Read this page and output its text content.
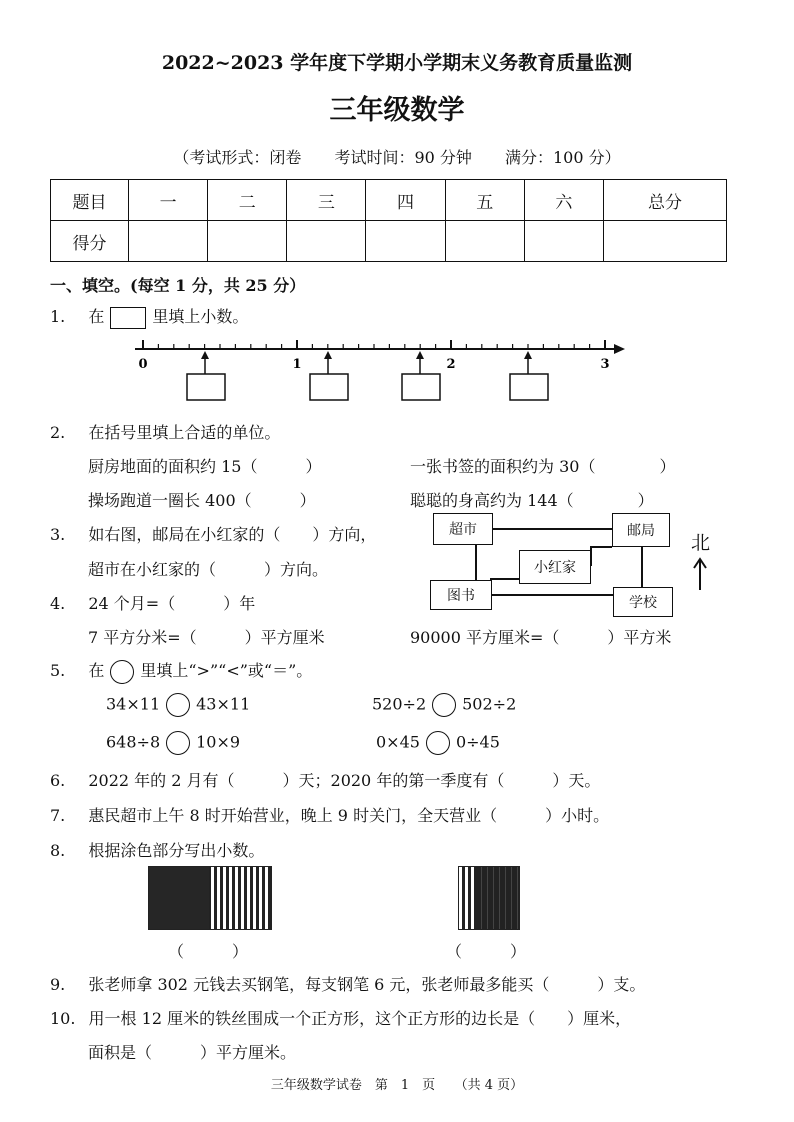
2022~2023 学年度下学期小学期末义务教育质量监测
三年级数学
（考试形式：闭卷 考试时间：90 分钟 满分：100 分）
题目	一	二	三	四	五	六	总分
得分							
一、填空。(每空 1 分，共 25 分）
1. 在	里填上小数。
0	1	2	3
2. 在括号里填上合适的单位。
厨房地面的面积约 15（　　　）	一张书签的面积约为 30（　　　　）
操场跑道一圈长 400（　　　）	聪聪的身高约为 144（　　　　）
3. 如右图，邮局在小红家的（　　）方向，
超市在小红家的（　　　）方向。
超市	邮局
小红家
图书	学校
北
4. 24 个月=（　　　）年
7 平方分米=（　　　）平方厘米	90000 平方厘米=（　　　）平方米
5. 在 里填上“>”“<”或“＝”。
34×11 43×11	520÷2 502÷2
648÷8 10×9	0×45 0÷45
6. 2022 年的 2 月有（　　　）天；2020 年的第一季度有（　　　）天。
7. 惠民超市上午 8 时开始营业，晚上 9 时关门，全天营业（　　　）小时。
8. 根据涂色部分写出小数。
（　　　）	（　　　）
9. 张老师拿 302 元钱去买钢笔，每支钢笔 6 元，张老师最多能买（　　　）支。
10. 用一根 12 厘米的铁丝围成一个正方形，这个正方形的边长是（　　）厘米，
面积是（　　　）平方厘米。
三年级数学试卷　第　1　页　　（共 4 页）
